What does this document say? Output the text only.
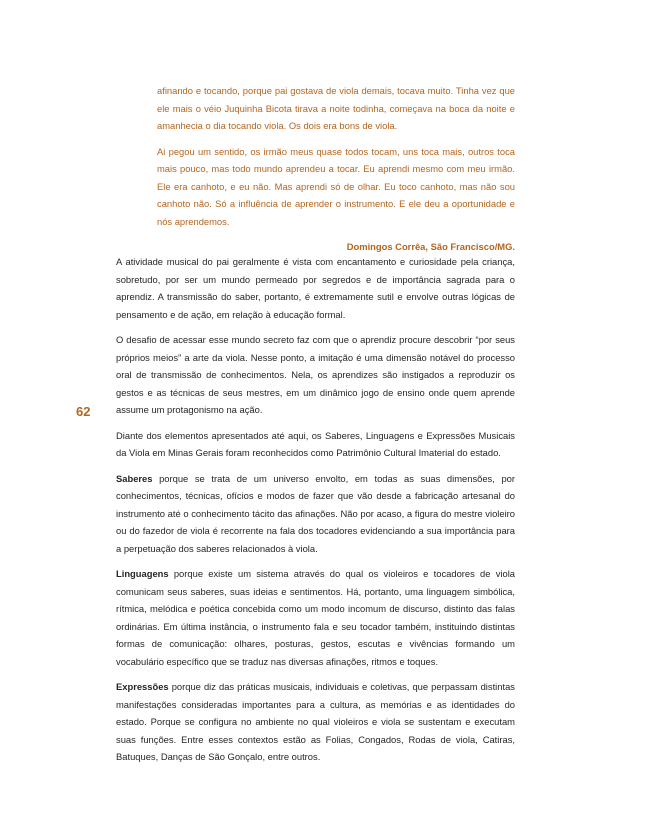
afinando e tocando, porque pai gostava de viola demais, tocava muito. Tinha vez que ele mais o véio Juquinha Bicota tirava a noite todinha, começava na boca da noite e amanhecia o dia tocando viola. Os dois era bons de viola.

Ai pegou um sentido, os irmão meus quase todos tocam, uns toca mais, outros toca mais pouco, mas todo mundo aprendeu a tocar. Eu aprendi mesmo com meu irmão. Ele era canhoto, e eu não. Mas aprendi só de olhar. Eu toco canhoto, mas não sou canhoto não. Só a influência de aprender o instrumento. E ele deu a oportunidade e nós aprendemos.

Domingos Corrêa, São Francisco/MG.

62

A atividade musical do pai geralmente é vista com encantamento e curiosidade pela criança, sobretudo, por ser um mundo permeado por segredos e de importância sagrada para o aprendiz. A transmissão do saber, portanto, é extremamente sutil e envolve outras lógicas de pensamento e de ação, em relação à educação formal.

O desafio de acessar esse mundo secreto faz com que o aprendiz procure descobrir “por seus próprios meios” a arte da viola. Nesse ponto, a imitação é uma dimensão notável do processo oral de transmissão de conhecimentos. Nela, os aprendizes são instigados a reproduzir os gestos e as técnicas de seus mestres, em um dinâmico jogo de ensino onde quem aprende assume um protagonismo na ação.

Diante dos elementos apresentados até aqui, os Saberes, Linguagens e Expressões Musicais da Viola em Minas Gerais foram reconhecidos como Patrimônio Cultural Imaterial do estado.

Saberes porque se trata de um universo envolto, em todas as suas dimensões, por conhecimentos, técnicas, ofícios e modos de fazer que vão desde a fabricação artesanal do instrumento até o conhecimento tácito das afinações. Não por acaso, a figura do mestre violeiro ou do fazedor de viola é recorrente na fala dos tocadores evidenciando a sua importância para a perpetuação dos saberes relacionados à viola.

Linguagens porque existe um sistema através do qual os violeiros e tocadores de viola comunicam seus saberes, suas ideias e sentimentos. Há, portanto, uma linguagem simbólica, rítmica, melódica e poética concebida como um modo incomum de discurso, distinto das falas ordinárias. Em última instância, o instrumento fala e seu tocador também, instituindo distintas formas de comunicação: olhares, posturas, gestos, escutas e vivências formando um vocabulário específico que se traduz nas diversas afinações, ritmos e toques.

Expressões porque diz das práticas musicais, individuais e coletivas, que perpassam distintas manifestações consideradas importantes para a cultura, as memórias e as identidades do estado. Porque se configura no ambiente no qual violeiros e viola se sustentam e executam suas funções. Entre esses contextos estão as Folias, Congados, Rodas de viola, Catiras, Batuques, Danças de São Gonçalo, entre outros.
